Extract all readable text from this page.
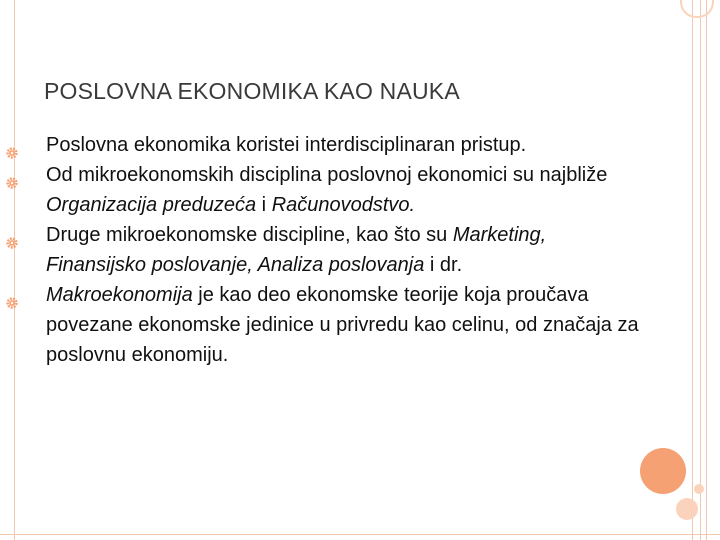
POSLOVNA EKONOMIKA KAO NAUKA
Poslovna ekonomika koristei interdisciplinaran pristup.
Od mikroekonomskih disciplina poslovnoj ekonomici su najbliže Organizacija preduzeća i Računovodstvo.
Druge mikroekonomske discipline, kao što su Marketing, Finansijsko poslovanje, Analiza poslovanja i dr.
Makroekonomija je kao deo ekonomske teorije koja proučava povezane ekonomske jedinice u privredu kao celinu, od značaja za poslovnu ekonomiju.
